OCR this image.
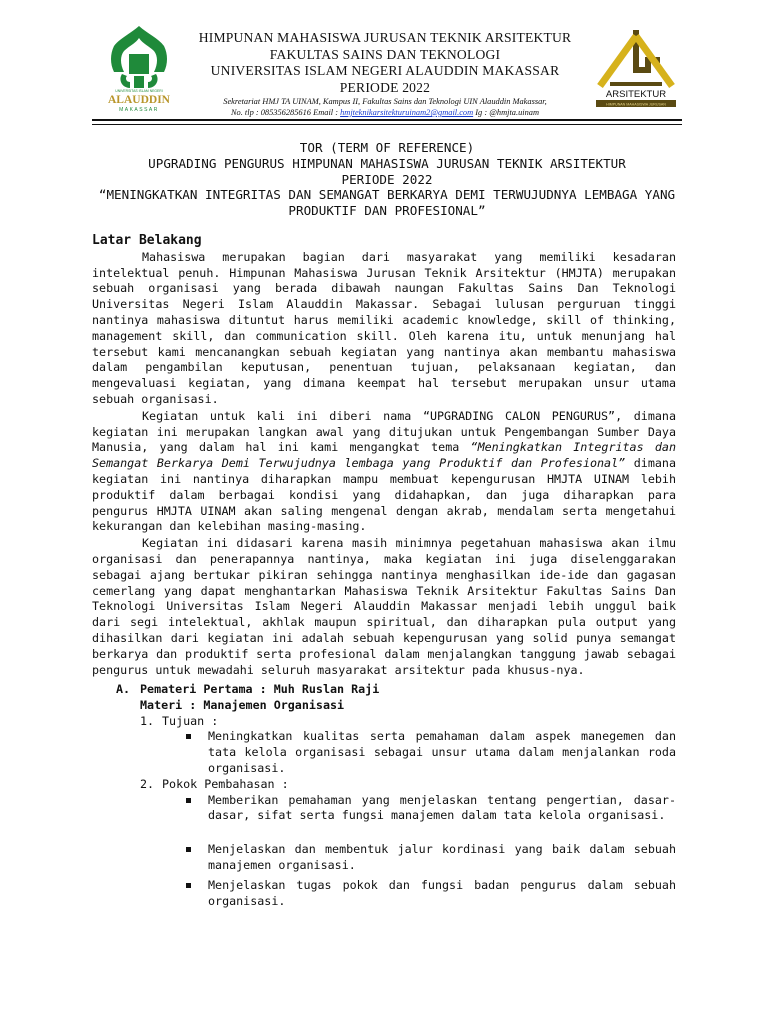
UNIVERSITAS ISLAM NEGERI
ALAUDDIN
MAKASSAR
HIMPUNAN MAHASISWA JURUSAN TEKNIK ARSITEKTUR
FAKULTAS SAINS DAN TEKNOLOGI
UNIVERSITAS ISLAM NEGERI ALAUDDIN MAKASSAR
PERIODE 2022
Sekretariat HMJ TA UINAM, Kampus II, Fakultas Sains dan Teknologi UIN Alauddin Makassar,
No. tlp : 085356285616 Email : hmjteknikarsitekturuinam2@gmail.com Ig : @hmjta.uinam
ARSITEKTUR
HIMPUNAN MAHASISWA JURUSAN
TOR (TERM OF REFERENCE)
UPGRADING PENGURUS HIMPUNAN MAHASISWA JURUSAN TEKNIK ARSITEKTUR
PERIODE 2022
“MENINGKATKAN INTEGRITAS DAN SEMANGAT BERKARYA DEMI TERWUJUDNYA LEMBAGA YANG
PRODUKTIF DAN PROFESIONAL”
Latar Belakang

Mahasiswa merupakan bagian dari masyarakat yang memiliki kesadaran intelektual penuh. Himpunan Mahasiswa Jurusan Teknik Arsitektur (HMJTA) merupakan sebuah organisasi yang berada dibawah naungan Fakultas Sains Dan Teknologi Universitas Negeri Islam Alauddin Makassar. Sebagai lulusan perguruan tinggi nantinya mahasiswa dituntut harus memiliki academic knowledge, skill of thinking, management skill, dan communication skill. Oleh karena itu, untuk menunjang hal tersebut kami mencanangkan sebuah kegiatan yang nantinya akan membantu mahasiswa dalam pengambilan keputusan, penentuan tujuan, pelaksanaan kegiatan, dan mengevaluasi kegiatan, yang dimana keempat hal tersebut merupakan unsur utama sebuah organisasi.

Kegiatan untuk kali ini diberi nama “UPGRADING CALON PENGURUS”, dimana kegiatan ini merupakan langkan awal yang ditujukan untuk Pengembangan Sumber Daya Manusia, yang dalam hal ini kami mengangkat tema “Meningkatkan Integritas dan Semangat Berkarya Demi Terwujudnya lembaga yang Produktif dan Profesional” dimana kegiatan ini nantinya diharapkan mampu membuat kepengurusan HMJTA UINAM lebih produktif dalam berbagai kondisi yang didahapkan, dan juga diharapkan para pengurus HMJTA UINAM akan saling mengenal dengan akrab, mendalam serta mengetahui kekurangan dan kelebihan masing-masing.

Kegiatan ini didasari karena masih minimnya pegetahuan mahasiswa akan ilmu organisasi dan penerapannya nantinya, maka kegiatan ini juga diselenggarakan sebagai ajang bertukar pikiran sehingga nantinya menghasilkan ide-ide dan gagasan cemerlang yang dapat menghantarkan Mahasiswa Teknik Arsitektur Fakultas Sains Dan Teknologi Universitas Islam Negeri Alauddin Makassar menjadi lebih unggul baik dari segi intelektual, akhlak maupun spiritual, dan diharapkan pula output yang dihasilkan dari kegiatan ini adalah sebuah kepengurusan yang solid punya semangat berkarya dan produktif serta profesional dalam menjalangkan tanggung jawab sebagai pengurus untuk mewadahi seluruh masyarakat arsitektur pada khusus-nya.

A. Pemateri Pertama : Muh Ruslan Raji
Materi : Manajemen Organisasi
1. Tujuan :
Meningkatkan kualitas serta pemahaman dalam aspek manegemen dan tata kelola organisasi sebagai unsur utama dalam menjalankan roda organisasi.
2. Pokok Pembahasan :
Memberikan pemahaman yang menjelaskan tentang pengertian, dasar-dasar, sifat serta fungsi manajemen dalam tata kelola organisasi.
Menjelaskan dan membentuk jalur kordinasi yang baik dalam sebuah manajemen organisasi.
Menjelaskan tugas pokok dan fungsi badan pengurus dalam sebuah organisasi.
